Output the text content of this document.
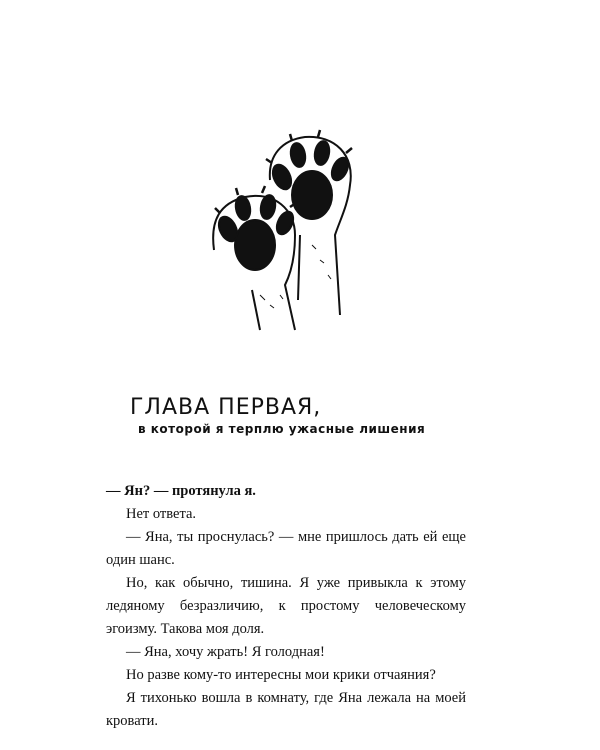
ГЛАВА ПЕРВАЯ,
в которой я терплю ужасные лишения

— Ян? — протянула я.

Нет ответа.

— Яна, ты проснулась? — мне пришлось дать ей еще один шанс.

Но, как обычно, тишина. Я уже привыкла к этому ледяному безразличию, к простому человеческому эгоизму. Такова моя доля.

— Яна, хочу жрать! Я голодная!

Но разве кому-то интересны мои крики отчаяния?

Я тихонько вошла в комнату, где Яна лежала на моей кровати.
